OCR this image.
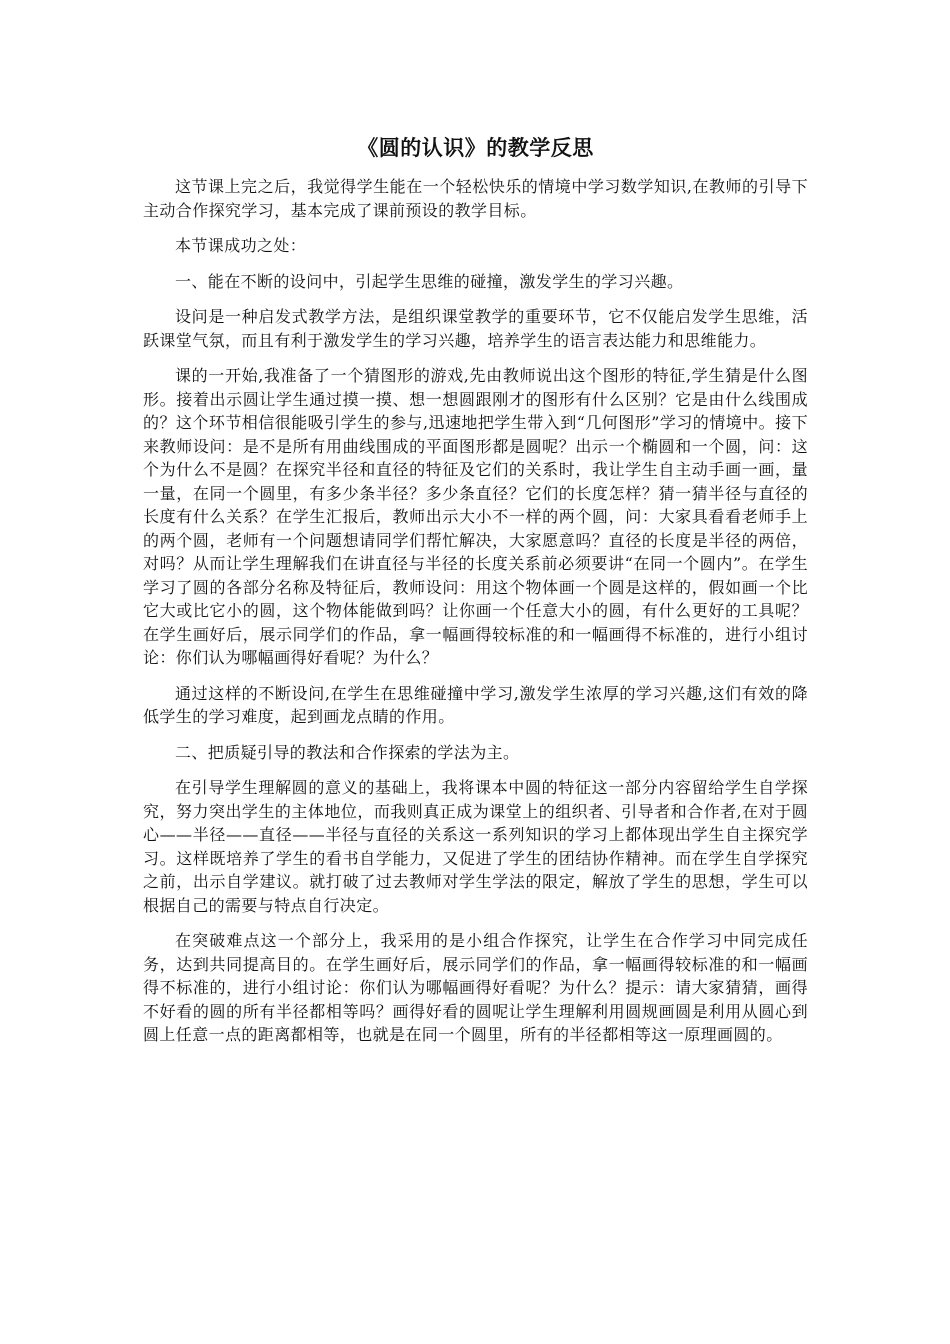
《圆的认识》的教学反思

这节课上完之后，我觉得学生能在一个轻松快乐的情境中学习数学知识,在教师的引导下主动合作探究学习，基本完成了课前预设的教学目标。

本节课成功之处：

一、能在不断的设问中，引起学生思维的碰撞，激发学生的学习兴趣。

设问是一种启发式教学方法，是组织课堂教学的重要环节，它不仅能启发学生思维，活跃课堂气氛，而且有利于激发学生的学习兴趣，培养学生的语言表达能力和思维能力。

课的一开始,我准备了一个猜图形的游戏,先由教师说出这个图形的特征,学生猜是什么图形。接着出示圆让学生通过摸一摸、想一想圆跟刚才的图形有什么区别？它是由什么线围成的？这个环节相信很能吸引学生的参与,迅速地把学生带入到“几何图形”学习的情境中。接下来教师设问：是不是所有用曲线围成的平面图形都是圆呢？出示一个椭圆和一个圆，问：这个为什么不是圆？在探究半径和直径的特征及它们的关系时，我让学生自主动手画一画，量一量，在同一个圆里，有多少条半径？多少条直径？它们的长度怎样？猜一猜半径与直径的长度有什么关系？在学生汇报后，教师出示大小不一样的两个圆，问：大家具看看老师手上的两个圆，老师有一个问题想请同学们帮忙解决，大家愿意吗？直径的长度是半径的两倍，对吗？从而让学生理解我们在讲直径与半径的长度关系前必须要讲“在同一个圆内”。在学生学习了圆的各部分名称及特征后，教师设问：用这个物体画一个圆是这样的，假如画一个比它大或比它小的圆，这个物体能做到吗？让你画一个任意大小的圆，有什么更好的工具呢？在学生画好后，展示同学们的作品，拿一幅画得较标准的和一幅画得不标准的，进行小组讨论：你们认为哪幅画得好看呢？为什么？

通过这样的不断设问,在学生在思维碰撞中学习,激发学生浓厚的学习兴趣,这们有效的降低学生的学习难度，起到画龙点睛的作用。

二、把质疑引导的教法和合作探索的学法为主。

在引导学生理解圆的意义的基础上，我将课本中圆的特征这一部分内容留给学生自学探究，努力突出学生的主体地位，而我则真正成为课堂上的组织者、引导者和合作者,在对于圆心——半径——直径——半径与直径的关系这一系列知识的学习上都体现出学生自主探究学习。这样既培养了学生的看书自学能力，又促进了学生的团结协作精神。而在学生自学探究之前，出示自学建议。就打破了过去教师对学生学法的限定，解放了学生的思想，学生可以根据自己的需要与特点自行决定。

在突破难点这一个部分上，我采用的是小组合作探究，让学生在合作学习中同完成任务，达到共同提高目的。在学生画好后，展示同学们的作品，拿一幅画得较标准的和一幅画得不标准的，进行小组讨论：你们认为哪幅画得好看呢？为什么？提示：请大家猜猜，画得不好看的圆的所有半径都相等吗？画得好看的圆呢让学生理解利用圆规画圆是利用从圆心到圆上任意一点的距离都相等，也就是在同一个圆里，所有的半径都相等这一原理画圆的。
